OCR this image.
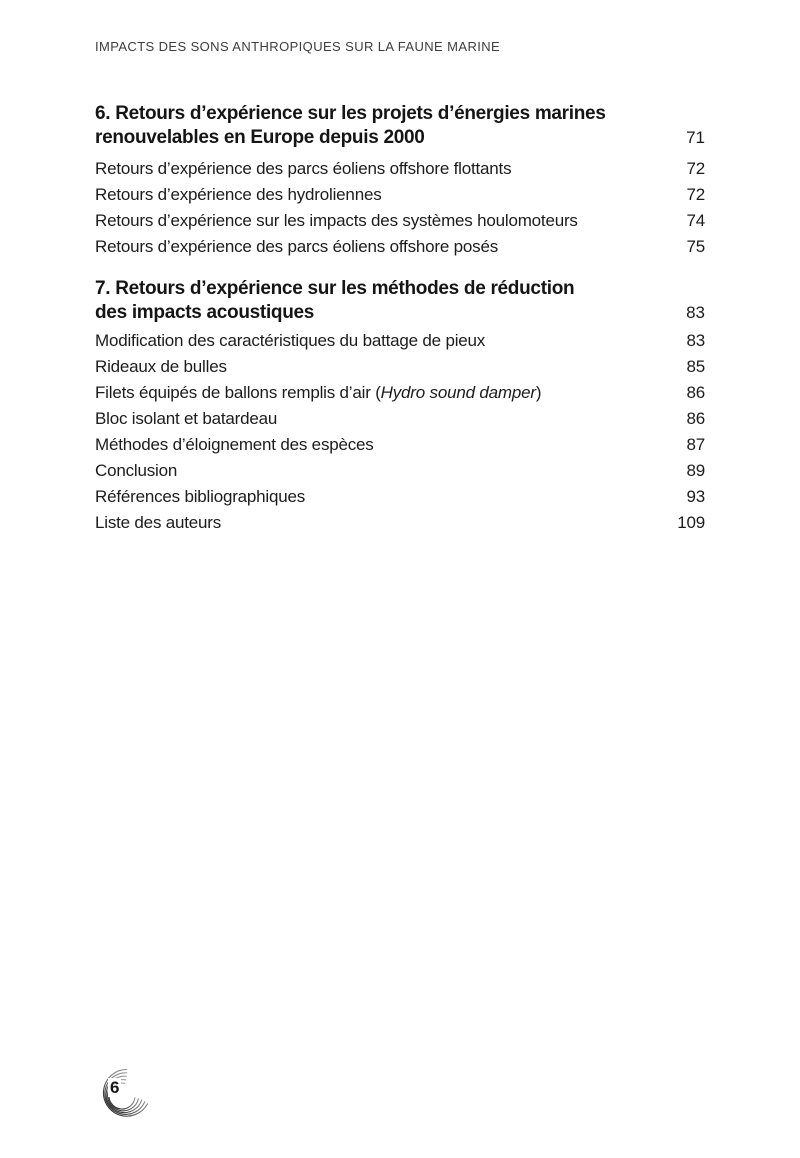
IMPACTS DES SONS ANTHROPIQUES SUR LA FAUNE MARINE
6. Retours d’expérience sur les projets d’énergies marines
renouvelables en Europe depuis 2000	71
Retours d’expérience des parcs éoliens offshore flottants	72
Retours d’expérience des hydroliennes	72
Retours d’expérience sur les impacts des systèmes houlomoteurs	74
Retours d’expérience des parcs éoliens offshore posés	75
7. Retours d’expérience sur les méthodes de réduction
des impacts acoustiques	83
Modification des caractéristiques du battage de pieux	83
Rideaux de bulles	85
Filets équipés de ballons remplis d’air (Hydro sound damper)	86
Bloc isolant et batardeau	86
Méthodes d’éloignement des espèces	87
Conclusion	89
Références bibliographiques	93
Liste des auteurs	109
6
